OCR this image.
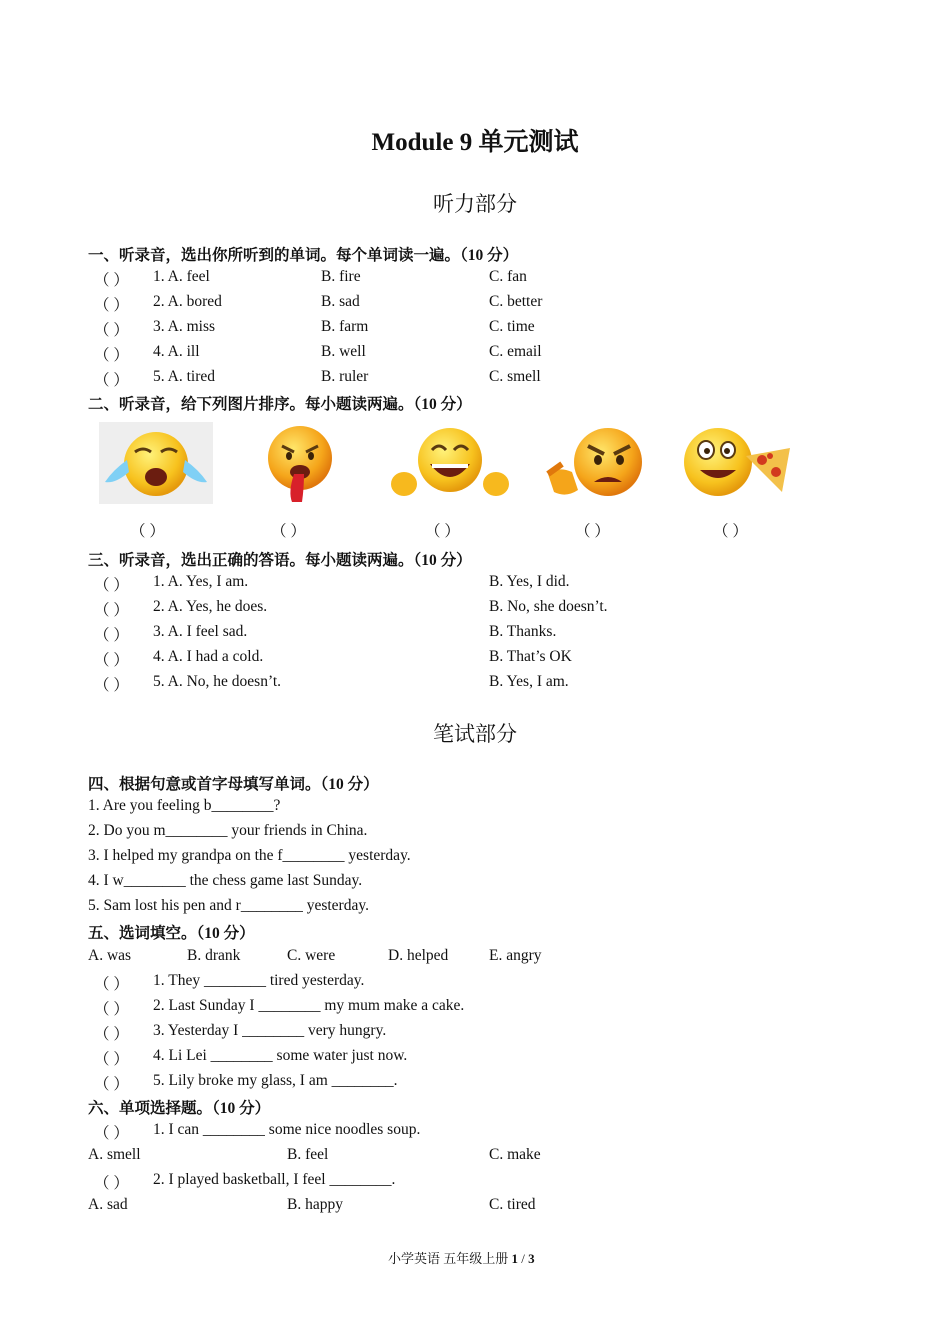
Module 9 单元测试
听力部分
一、听录音，选出你所听到的单词。每个单词读一遍。（10 分）
（ ） 1. A. feel	B. fire	C. fan
（ ） 2. A. bored	B. sad	C. better
（ ） 3. A. miss	B. farm	C. time
（ ） 4. A. ill	B. well	C. email
（ ） 5. A. tired	B. ruler	C. smell
二、听录音，给下列图片排序。每小题读两遍。（10 分）
（ ）	（ ）	（ ）	（ ）	（ ）
三、听录音，选出正确的答语。每小题读两遍。（10 分）
（ ） 1. A. Yes, I am.	B. Yes, I did.
（ ） 2. A. Yes, he does.	B. No, she doesn’t.
（ ） 3. A. I feel sad.	B. Thanks.
（ ） 4. A. I had a cold.	B. That’s OK
（ ） 5. A. No, he doesn’t.	B. Yes, I am.
笔试部分
四、根据句意或首字母填写单词。（10 分）
1. Are you feeling b________?
2. Do you m________ your friends in China.
3. I helped my grandpa on the f________ yesterday.
4. I w________ the chess game last Sunday.
5. Sam lost his pen and r________ yesterday.
五、选词填空。（10 分）
A. was	B. drank	C. were	D. helped	E. angry
（ ） 1. They ________ tired yesterday.
（ ） 2. Last Sunday I ________ my mum make a cake.
（ ） 3. Yesterday I ________ very hungry.
（ ） 4. Li Lei ________ some water just now.
（ ） 5. Lily broke my glass, I am ________.
六、单项选择题。（10 分）
（ ） 1. I can ________ some nice noodles soup.
A. smell	B. feel	C. make
（ ） 2. I played basketball, I feel ________.
A. sad	B. happy	C. tired
小学英语 五年级上册 1 / 3
